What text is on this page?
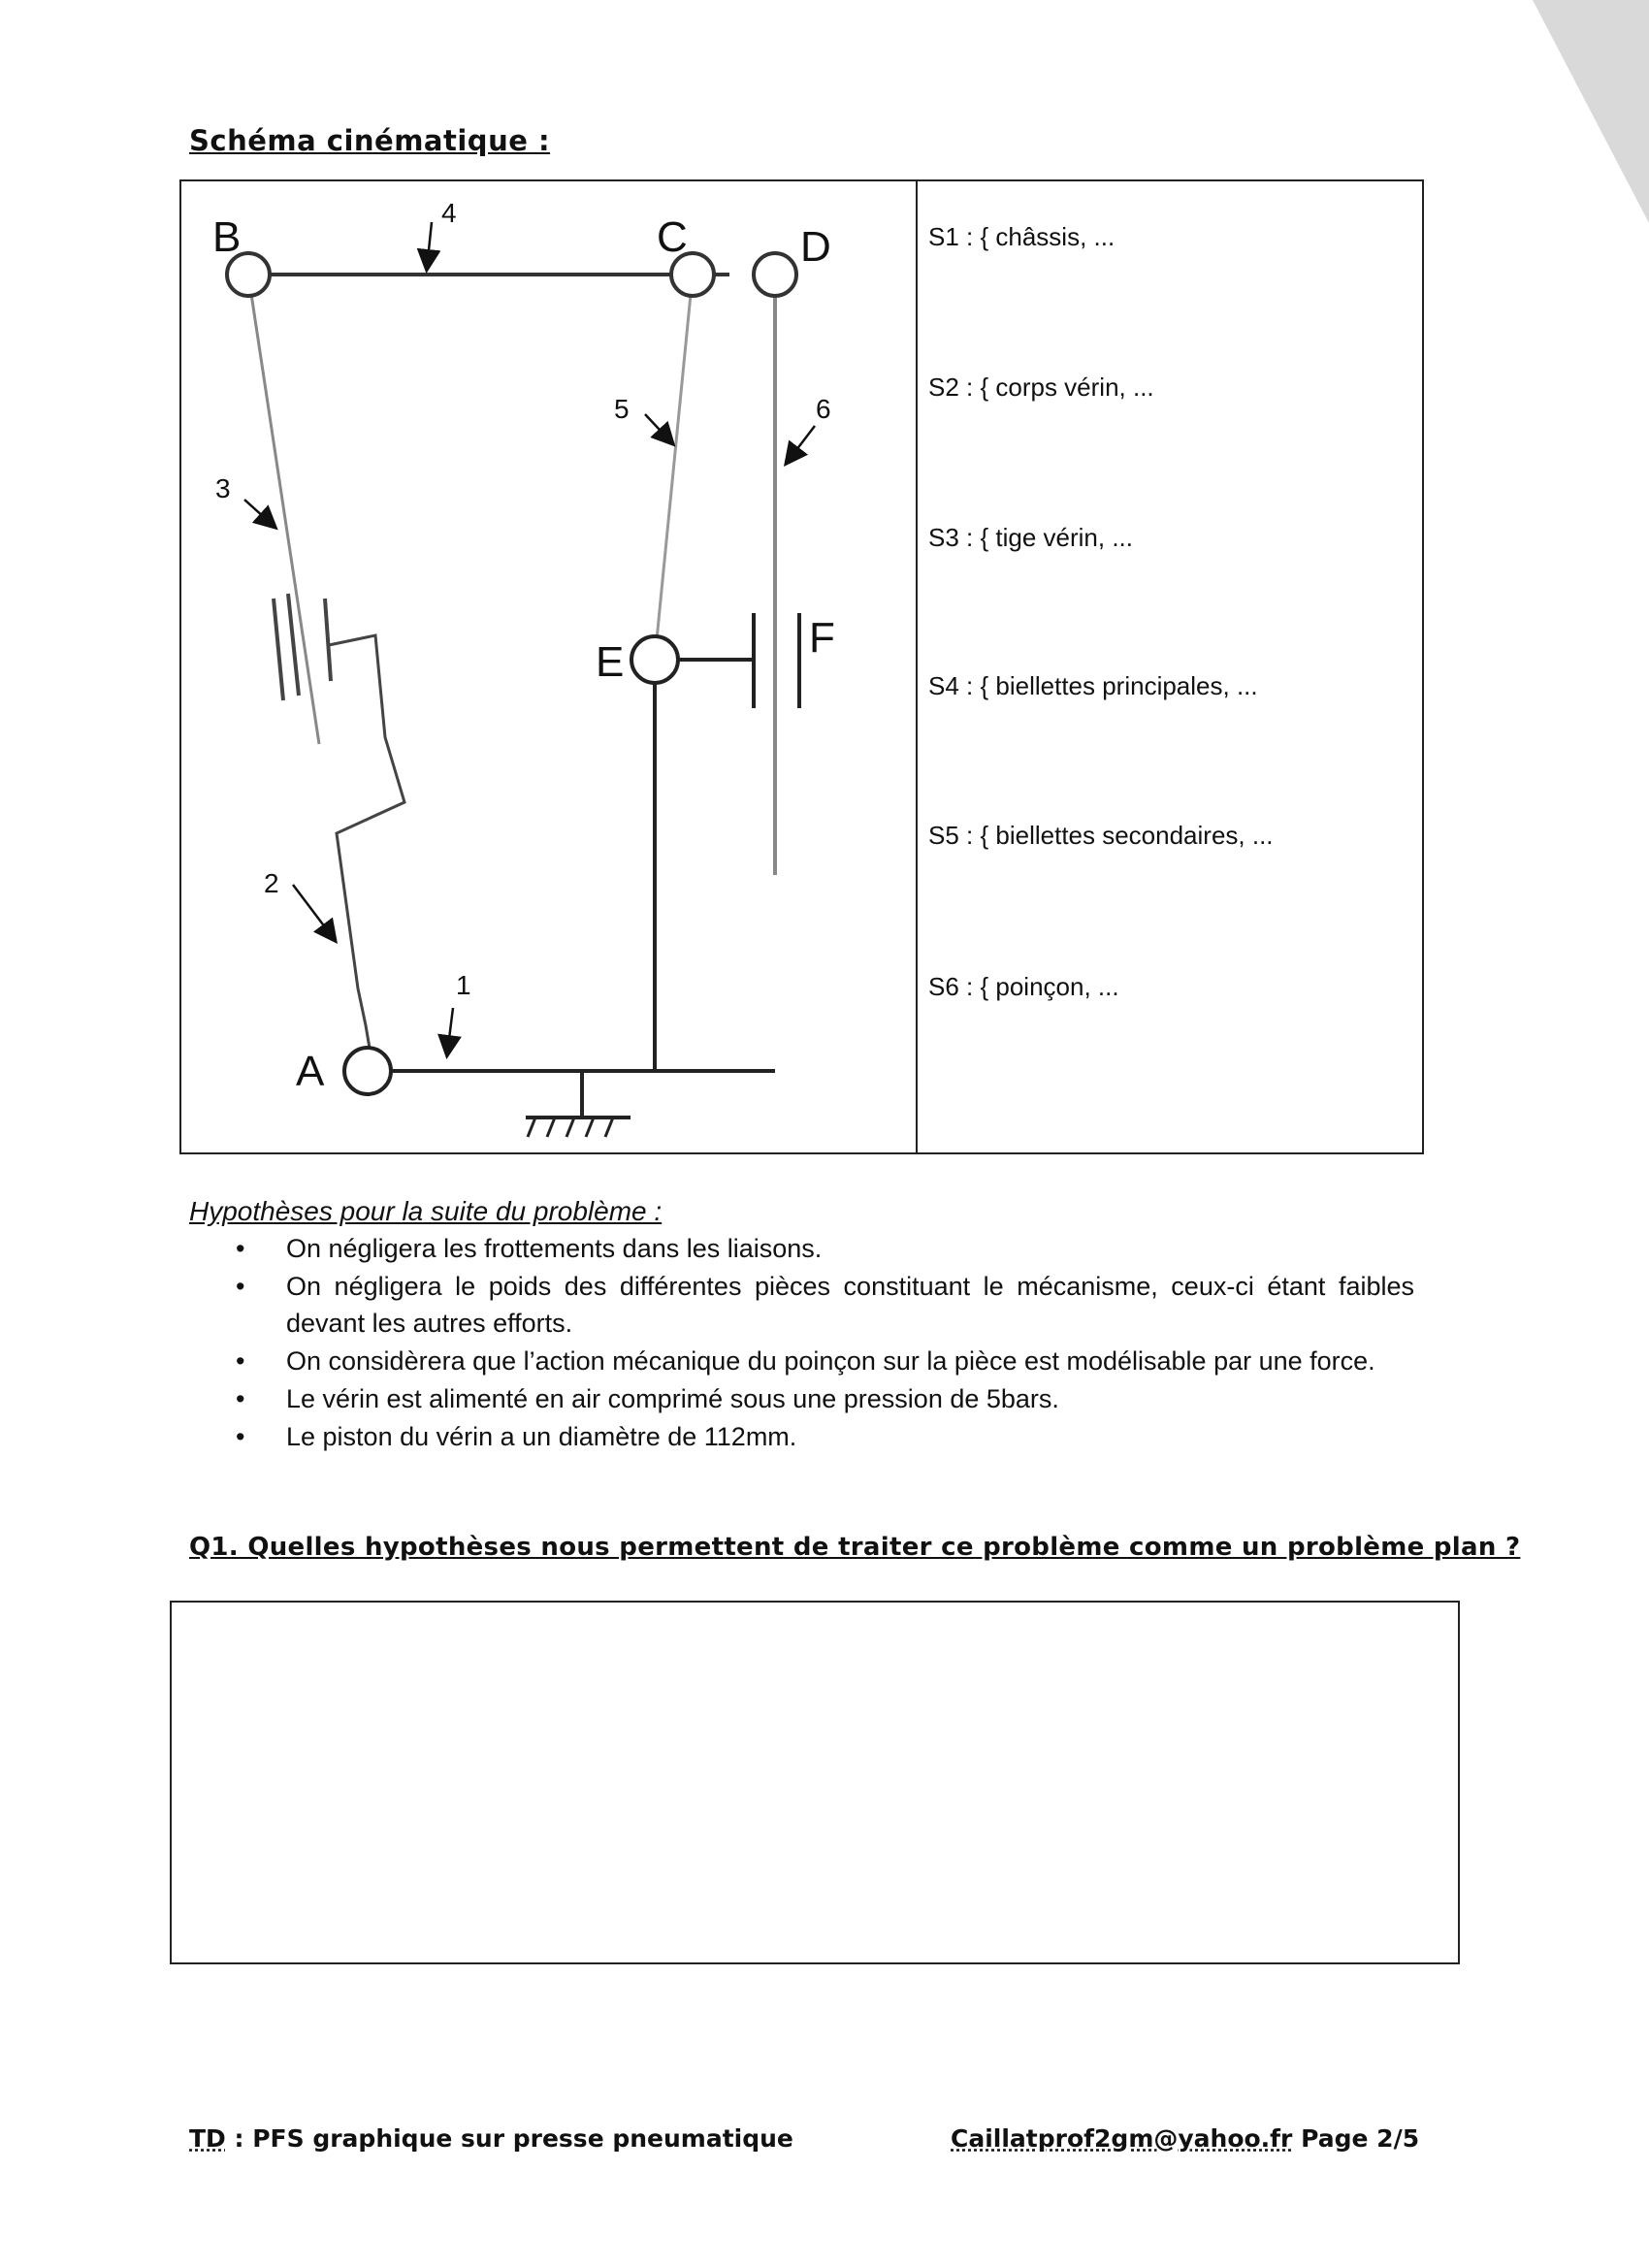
Schéma cinématique :
B	C	D
E
F
A
4
3
5	6
2
1
S1 : { châssis, ...
S2 : { corps vérin, ...
S3 : { tige vérin, ...
S4 : { biellettes principales, ...
S5 : { biellettes secondaires, ...
S6 : { poinçon, ...
Hypothèses pour la suite du problème :
• On négligera les frottements dans les liaisons.
• On négligera le poids des différentes pièces constituant le mécanisme, ceux-ci étant faibles devant les autres efforts.
• On considèrera que l’action mécanique du poinçon sur la pièce est modélisable par une force.
• Le vérin est alimenté en air comprimé sous une pression de 5bars.
• Le piston du vérin a un diamètre de 112mm.
Q1. Quelles hypothèses nous permettent de traiter ce problème comme un problème plan ?
TD : PFS graphique sur presse pneumatique	Caillatprof2gm@yahoo.fr Page 2/5
